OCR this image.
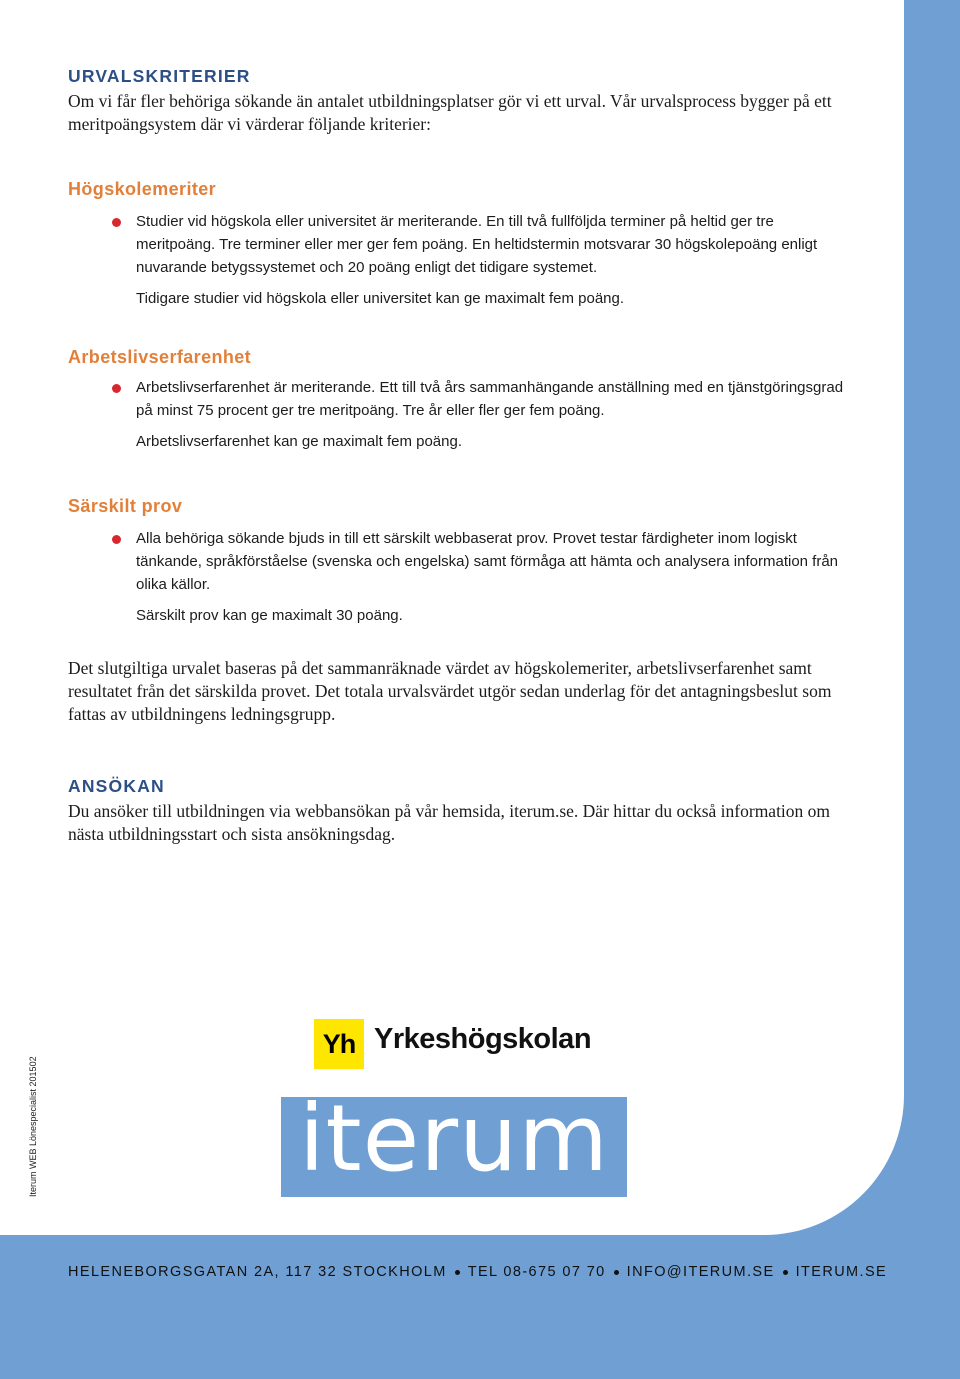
URVALSKRITERIER

Om vi får fler behöriga sökande än antalet utbildningsplatser gör vi ett urval. Vår urvalsprocess bygger på ett meritpoängsystem där vi värderar följande kriterier:

Högskolemeriter
Studier vid högskola eller universitet är meriterande. En till två fullföljda terminer på heltid ger tre meritpoäng. Tre terminer eller mer ger fem poäng. En heltidstermin motsvarar 30 högskolepoäng enligt nuvarande betygssystemet och 20 poäng enligt det tidigare systemet.

Tidigare studier vid högskola eller universitet kan ge maximalt fem poäng.

Arbetslivserfarenhet
Arbetslivserfarenhet är meriterande. Ett till två års sammanhängande anställning med en tjänstgöringsgrad på minst 75 procent ger tre meritpoäng. Tre år eller fler ger fem poäng.

Arbetslivserfarenhet kan ge maximalt fem poäng.

Särskilt prov
Alla behöriga sökande bjuds in till ett särskilt webbaserat prov. Provet testar färdigheter inom logiskt tänkande, språkförståelse (svenska och engelska) samt förmåga att hämta och analysera information från olika källor.

Särskilt prov kan ge maximalt 30 poäng.

Det slutgiltiga urvalet baseras på det sammanräknade värdet av högskolemeriter, arbetslivserfarenhet samt resultatet från det särskilda provet. Det totala urvalsvärdet utgör sedan underlag för det antagningsbeslut som fattas av utbildningens ledningsgrupp.

ANSÖKAN

Du ansöker till utbildningen via webbansökan på vår hemsida, iterum.se. Där hittar du också information om nästa utbildningsstart och sista ansökningsdag.

Yh Yrkeshögskolan
iterum
Iterum WEB Lönespecialist 201502
HELENEBORGSGATAN 2A, 117 32 STOCKHOLM TEL 08-675 07 70 INFO@ITERUM.SE ITERUM.SE
